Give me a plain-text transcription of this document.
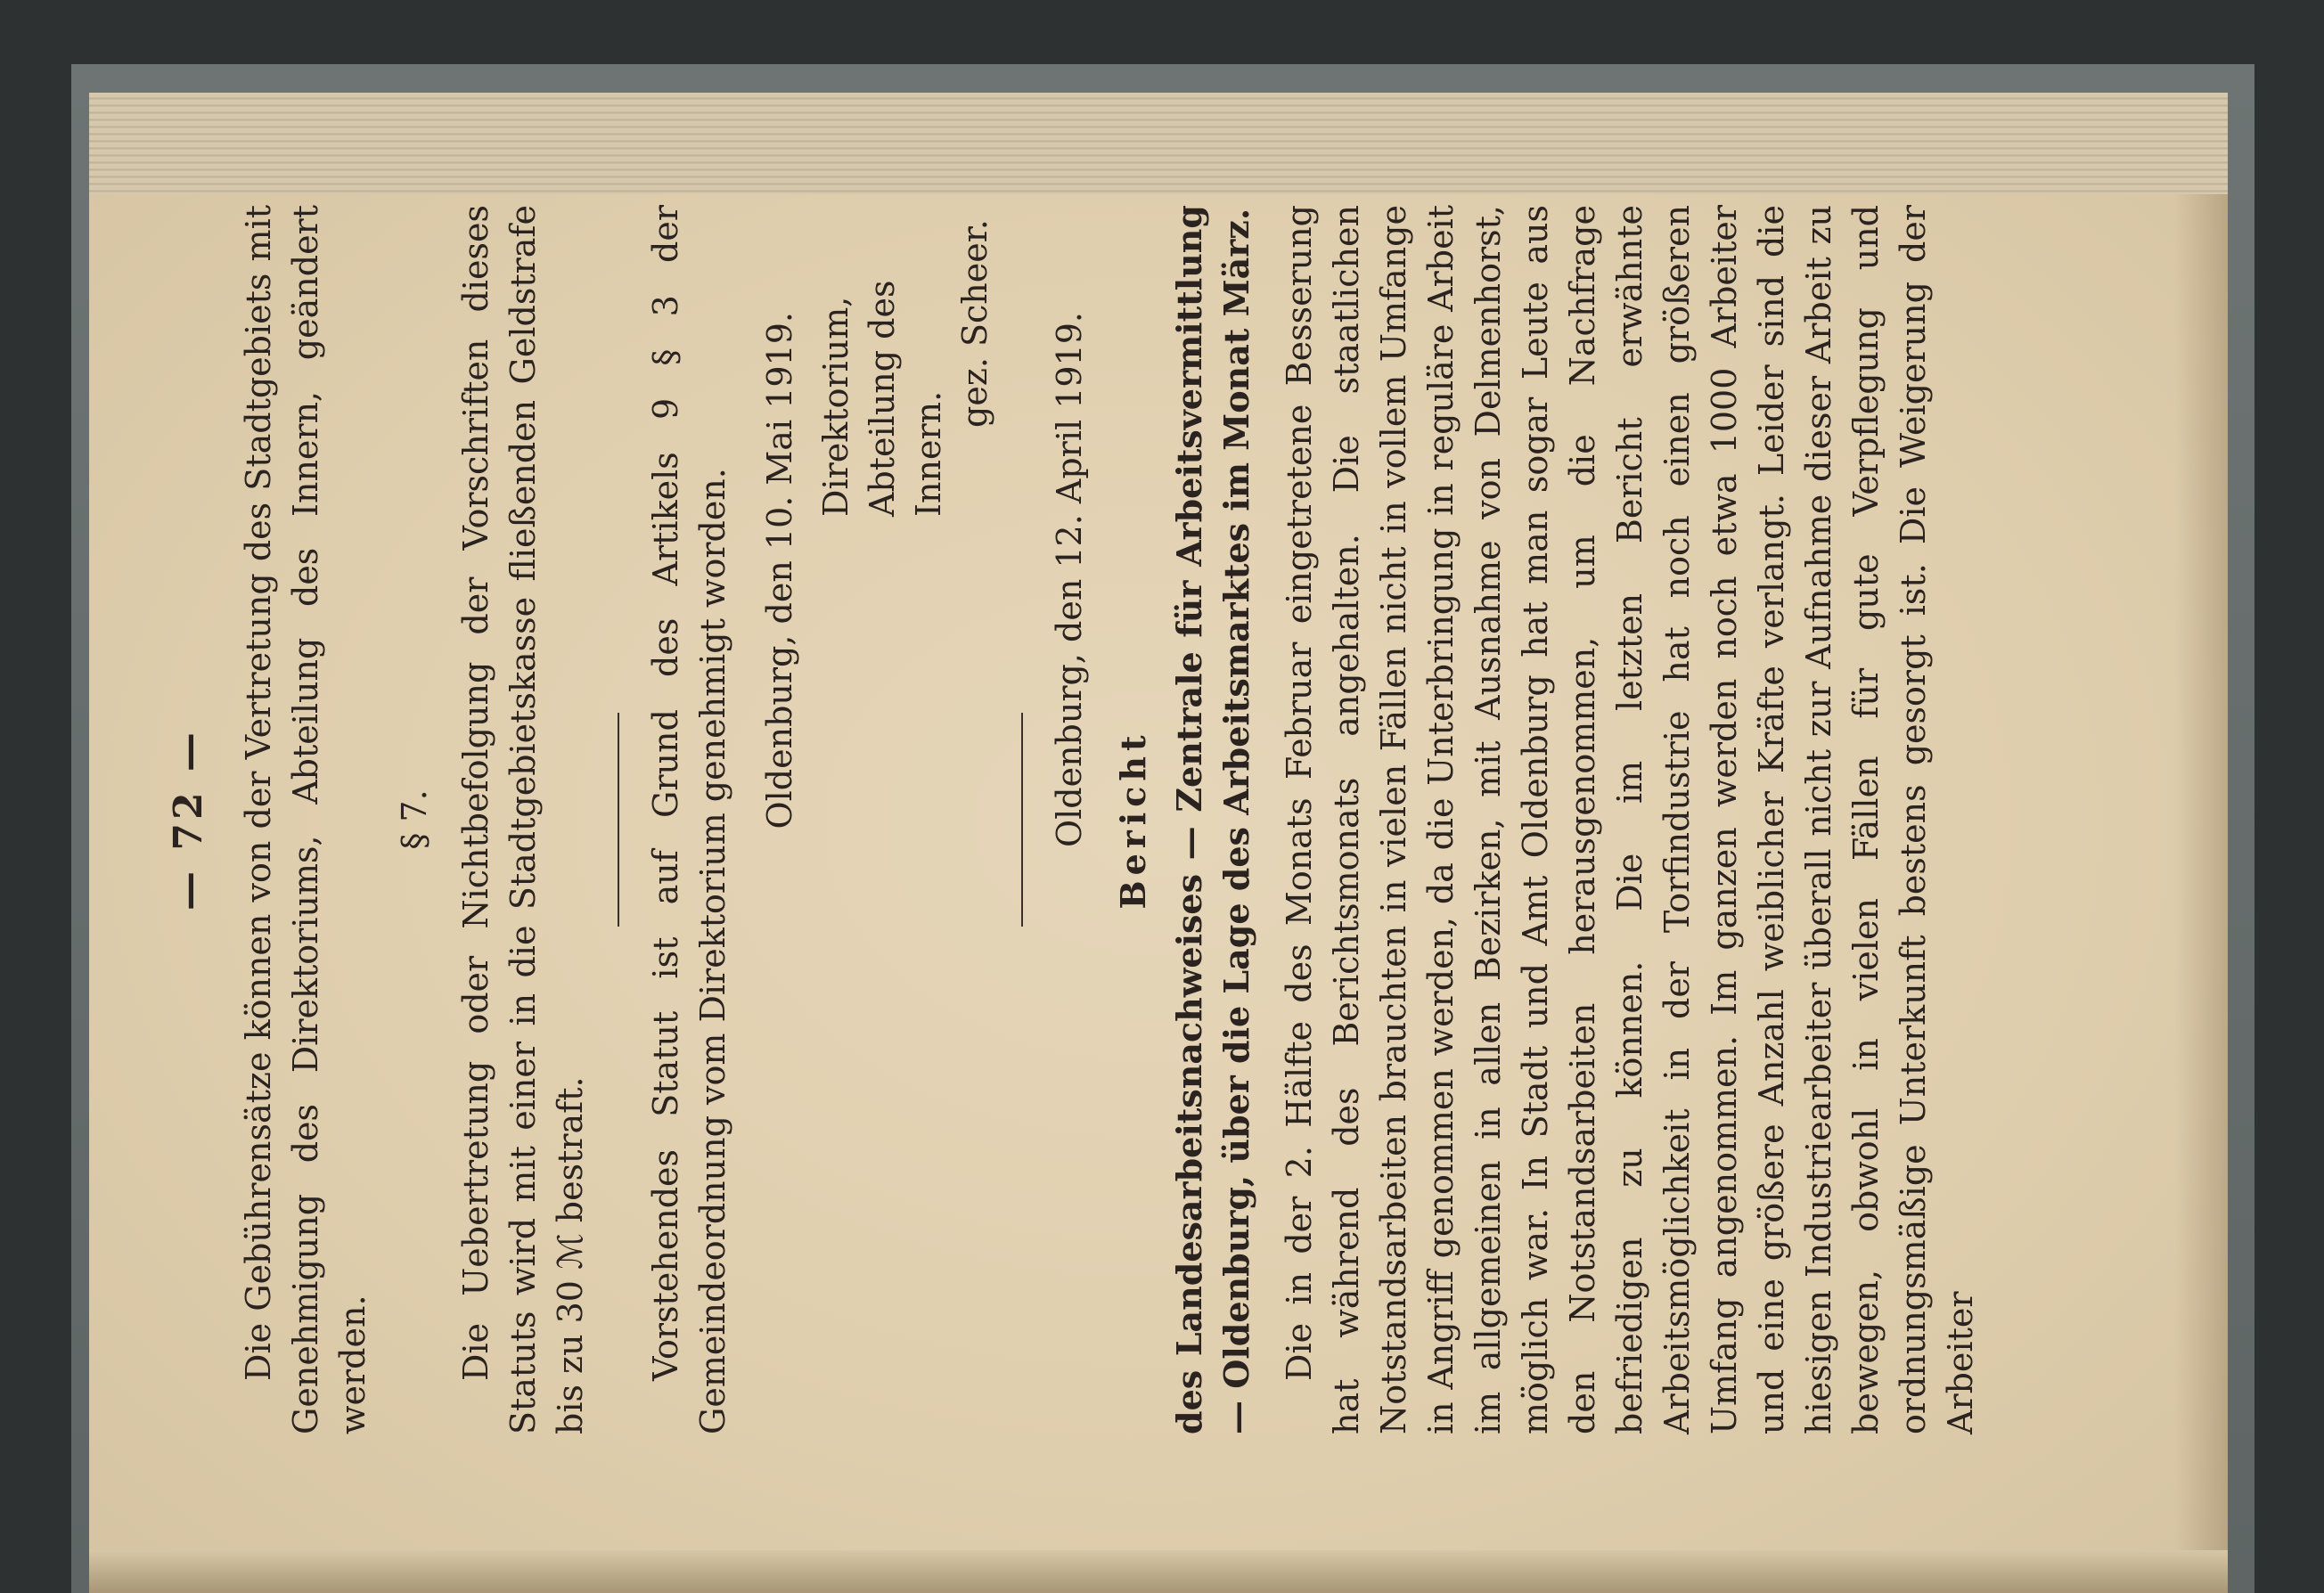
— 72 — Die Gebührensätze können von der Vertretung des Stadtgebiets mit Genehmigung des Direktoriums, Abteilung des Innern, geändert werden.

§ 7. Die Uebertretung oder Nichtbefolgung der Vorschriften dieses Statuts wird mit einer in die Stadtgebietskasse fließenden Geldstrafe bis zu 30 ℳ bestraft. Vorstehendes Statut ist auf Grund des Artikels 9 § 3 der Gemeindeordnung vom Direktorium genehmigt worden. Oldenburg, den 10. Mai 1919. Direktorium, Abteilung des Innern.
gez. Scheer. Oldenburg, den 12. April 1919. Bericht des Landesarbeitsnachweises — Zentrale für Arbeitsvermittlung — Oldenburg, über die Lage des Arbeitsmarktes im Monat März. Die in der 2. Hälfte des Monats Februar eingetretene Besserung hat während des Berichtsmonats angehalten. Die staatlichen Notstandsarbeiten brauchten in vielen Fällen nicht in vollem Umfange in Angriff genommen werden, da die Unterbringung in reguläre Arbeit im allgemeinen in allen Bezirken, mit Ausnahme von Delmenhorst, möglich war. In Stadt und Amt Oldenburg hat man sogar Leute aus den Notstandsarbeiten herausgenommen, um die Nachfrage befriedigen zu können. Die im letzten Bericht erwähnte Arbeitsmöglichkeit in der Torfindustrie hat noch einen größeren Umfang angenommen. Im ganzen werden noch etwa 1000 Arbeiter und eine größere Anzahl weiblicher Kräfte verlangt. Leider sind die hiesigen Industriearbeiter überall nicht zur Aufnahme dieser Arbeit zu bewegen, obwohl in vielen Fällen für gute Verpflegung und ordnungsmäßige Unterkunft bestens gesorgt ist. Die Weigerung der Arbeiter
